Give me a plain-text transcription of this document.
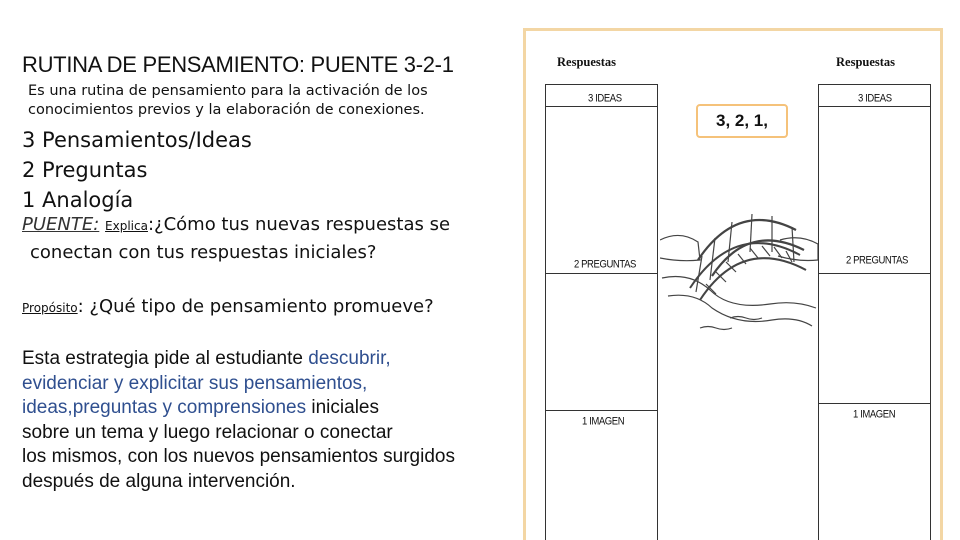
RUTINA DE PENSAMIENTO: PUENTE 3-2-1
Es una rutina de pensamiento para la activación de los
conocimientos previos y la elaboración de conexiones.
3 Pensamientos/Ideas
2 Preguntas
1 Analogía
PUENTE: Explica:¿Cómo tus nuevas respuestas se
conectan con tus respuestas iniciales?
Propósito: ¿Qué tipo de pensamiento promueve?
Esta estrategia pide al estudiante descubrir,
evidenciar y explicitar sus pensamientos,
ideas,preguntas y comprensiones iniciales
sobre un tema y luego relacionar o conectar
los mismos, con los nuevos pensamientos surgidos
después de alguna intervención.
Respuestas	Respuestas
3 IDEAS
2 PREGUNTAS
1 IMAGEN
3 IDEAS
2 PREGUNTAS
1 IMAGEN
3, 2, 1,
